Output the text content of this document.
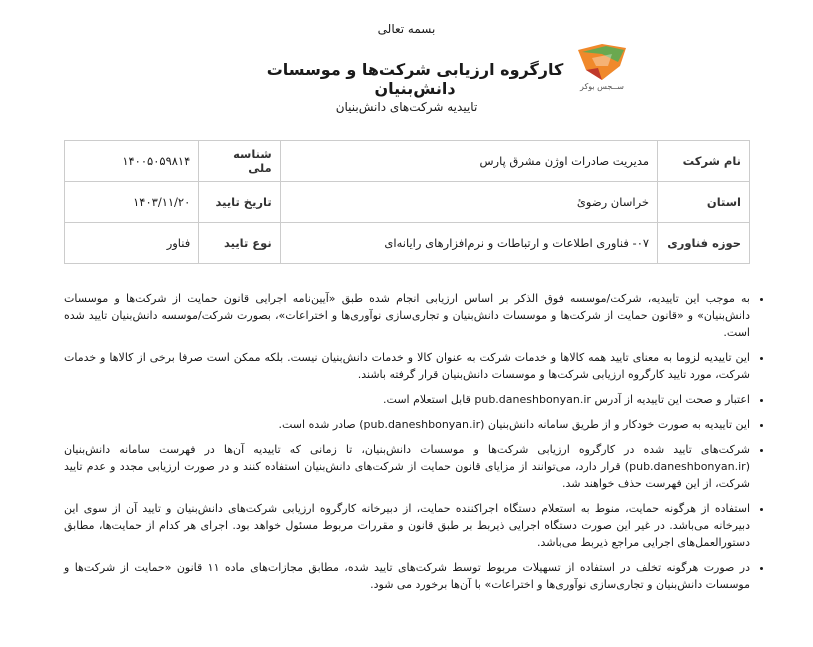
بسمه تعالی
ســجس بوکر
کارگروه ارزیابی شرکت‌ها و موسسات دانش‌بنیان
تاییدیه شرکت‌های دانش‌بنیان
نام شرکت	مدیریت صادرات اوژن مشرق پارس	شناسه ملی	۱۴۰۰۵۰۵۹۸۱۴
استان	خراسان رضوئ	تاریخ تایید	۱۴۰۳/۱۱/۲۰
حوزه فناوری	۰۷- فناوری اطلاعات و ارتباطات و نرم‌افزارهای رایانه‌ای	نوع تایید	فناور
• به موجب این تاییدیه، شرکت/موسسه فوق الذکر بر اساس ارزیابی انجام شده طبق «آیین‌نامه اجرایی قانون حمایت از شرکت‌ها و موسسات دانش‌بنیان» و «قانون حمایت از شرکت‌ها و موسسات دانش‌بنیان و تجاری‌سازی نوآوری‌ها و اختراعات»، بصورت شرکت/موسسه دانش‌بنیان تایید شده است.
• این تاییدیه لزوما به معنای تایید همه کالاها و خدمات شرکت به عنوان کالا و خدمات دانش‌بنیان نیست. بلکه ممکن است صرفا برخی از کالاها و خدمات شرکت، مورد تایید کارگروه ارزیابی شرکت‌ها و موسسات دانش‌بنیان قرار گرفته باشند.
• اعتبار و صحت این تاییدیه از آدرس pub.daneshbonyan.ir قابل استعلام است.
• این تاییدیه به صورت خودکار و از طریق سامانه دانش‌بنیان (pub.daneshbonyan.ir) صادر شده است.
• شرکت‌های تایید شده در کارگروه ارزیابی شرکت‌ها و موسسات دانش‌بنیان، تا زمانی که تاییدیه آن‌ها در فهرست سامانه دانش‌بنیان (pub.daneshbonyan.ir) قرار دارد، می‌توانند از مزایای قانون حمایت از شرکت‌های دانش‌بنیان استفاده کنند و در صورت ارزیابی مجدد و عدم تایید شرکت، از این فهرست حذف خواهند شد.
• استفاده از هرگونه حمایت، منوط به استعلام دستگاه اجراکننده حمایت، از دبیرخانه کارگروه ارزیابی شرکت‌های دانش‌بنیان و تایید آن از سوی این دبیرخانه می‌باشد. در غیر این صورت دستگاه اجرایی ذیربط بر طبق قانون و مقررات مربوط مسئول خواهد بود. اجرای هر کدام از حمایت‌ها، مطابق دستورالعمل‌های اجرایی مراجع ذیربط می‌باشد.
• در صورت هرگونه تخلف در استفاده از تسهیلات مربوط توسط شرکت‌های تایید شده، مطابق مجازات‌های ماده ۱۱ قانون «حمایت از شرکت‌ها و موسسات دانش‌بنیان و تجاری‌سازی نوآوری‌ها و اختراعات» با آن‌ها برخورد می شود.
